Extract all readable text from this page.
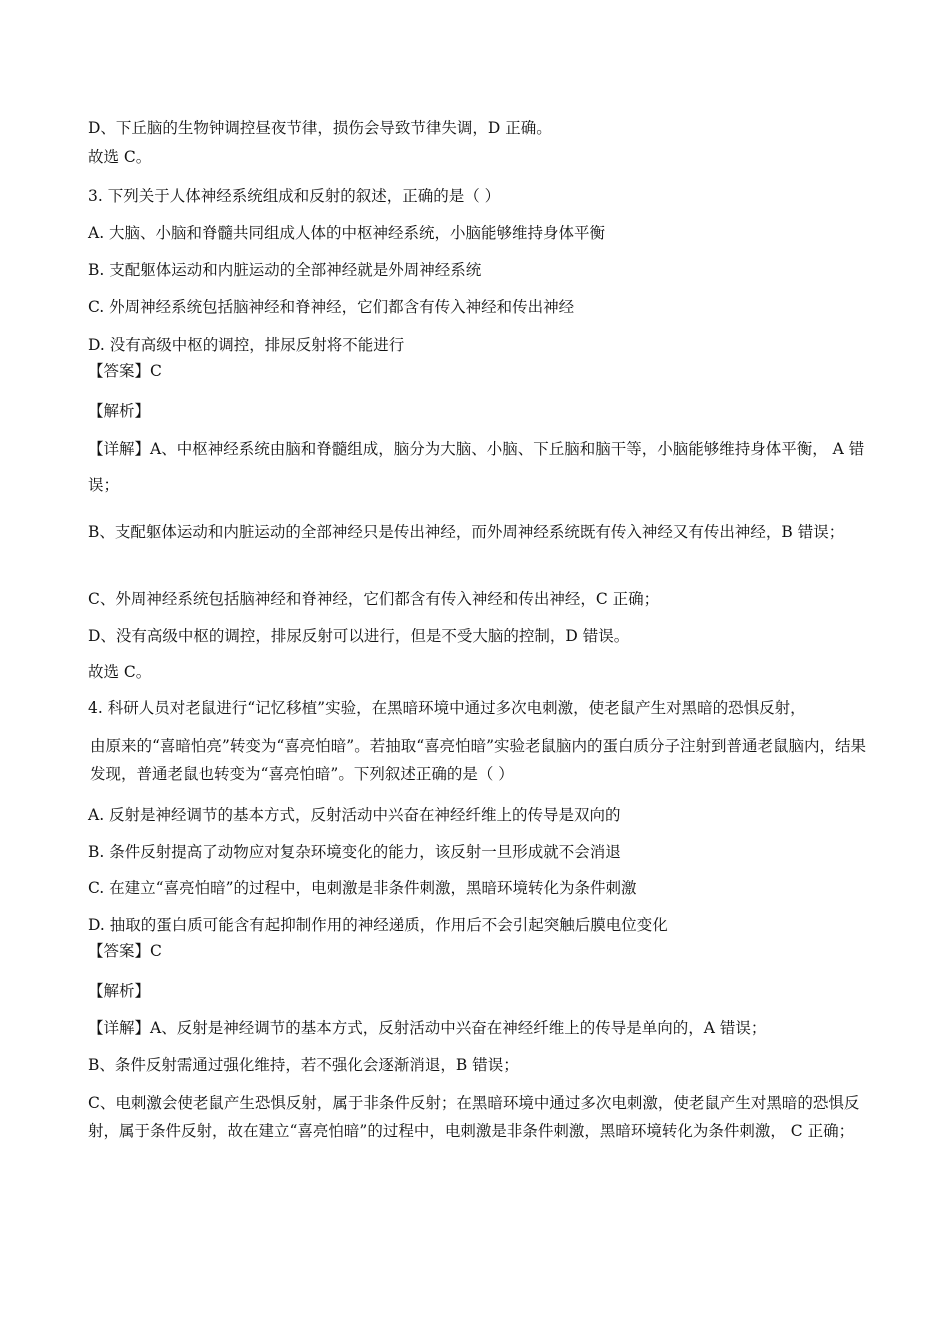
D、下丘脑的生物钟调控昼夜节律，损伤会导致节律失调，D 正确。
故选 C。
3. 下列关于人体神经系统组成和反射的叙述，正确的是（ ）
A. 大脑、小脑和脊髓共同组成人体的中枢神经系统，小脑能够维持身体平衡
B. 支配躯体运动和内脏运动的全部神经就是外周神经系统
C. 外周神经系统包括脑神经和脊神经，它们都含有传入神经和传出神经
D. 没有高级中枢的调控，排尿反射将不能进行
【答案】C
【解析】
【详解】A、中枢神经系统由脑和脊髓组成，脑分为大脑、小脑、下丘脑和脑干等，小脑能够维持身体平衡， A 错误；
B、支配躯体运动和内脏运动的全部神经只是传出神经，而外周神经系统既有传入神经又有传出神经，B 错误；
C、外周神经系统包括脑神经和脊神经，它们都含有传入神经和传出神经，C 正确；
D、没有高级中枢的调控，排尿反射可以进行，但是不受大脑的控制，D 错误。
故选 C。
4. 科研人员对老鼠进行“记忆移植”实验，在黑暗环境中通过多次电刺激，使老鼠产生对黑暗的恐惧反射，
由原来的“喜暗怕亮”转变为“喜亮怕暗”。若抽取“喜亮怕暗”实验老鼠脑内的蛋白质分子注射到普通老鼠脑内，结果发现，普通老鼠也转变为“喜亮怕暗”。下列叙述正确的是（ ）
A. 反射是神经调节的基本方式，反射活动中兴奋在神经纤维上的传导是双向的
B. 条件反射提高了动物应对复杂环境变化的能力，该反射一旦形成就不会消退
C. 在建立“喜亮怕暗”的过程中，电刺激是非条件刺激，黑暗环境转化为条件刺激
D. 抽取的蛋白质可能含有起抑制作用的神经递质，作用后不会引起突触后膜电位变化
【答案】C
【解析】
【详解】A、反射是神经调节的基本方式，反射活动中兴奋在神经纤维上的传导是单向的，A 错误；
B、条件反射需通过强化维持，若不强化会逐渐消退，B 错误；
C、电刺激会使老鼠产生恐惧反射，属于非条件反射；在黑暗环境中通过多次电刺激，使老鼠产生对黑暗的恐惧反射，属于条件反射，故在建立“喜亮怕暗”的过程中，电刺激是非条件刺激，黑暗环境转化为条件刺激， C 正确；
